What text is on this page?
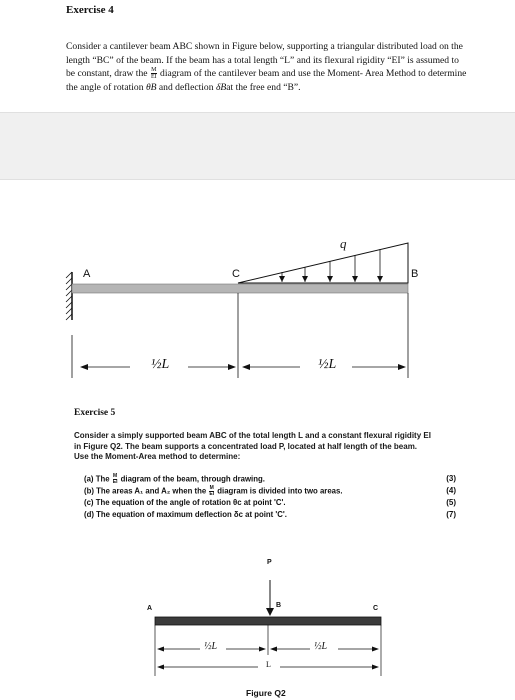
Exercise 4
Consider a cantilever beam ABC shown in Figure below, supporting a triangular distributed load on the
length “BC” of the beam. If the beam has a total length “L” and its flexural rigidity “EI” is assumed to
be constant, draw the $\frac{M}{EI}$ diagram of the cantilever beam and use the Moment- Area Method to determine
the angle of rotation θB and deflection δBat the free end “B”.
A	C	B
q
½L	½L
Exercise 5
Consider a simply supported beam ABC of the total length L and a constant flexural rigidity EI
in Figure Q2. The beam supports a concentrated load P, located at half length of the beam.
Use the Moment-Area method to determine:
(a) The $\frac{M}{EI}$ diagram of the beam, through drawing.	(3)
(b) The areas A₁ and A₂ when the $\frac{M}{EI}$ diagram is divided into two areas.	(4)
(c) The equation of the angle of rotation θc at point 'C'.	(5)
(d) The equation of maximum deflection δc at point 'C'.	(7)
P
A	B	C
½L	½L
L
Figure Q2
